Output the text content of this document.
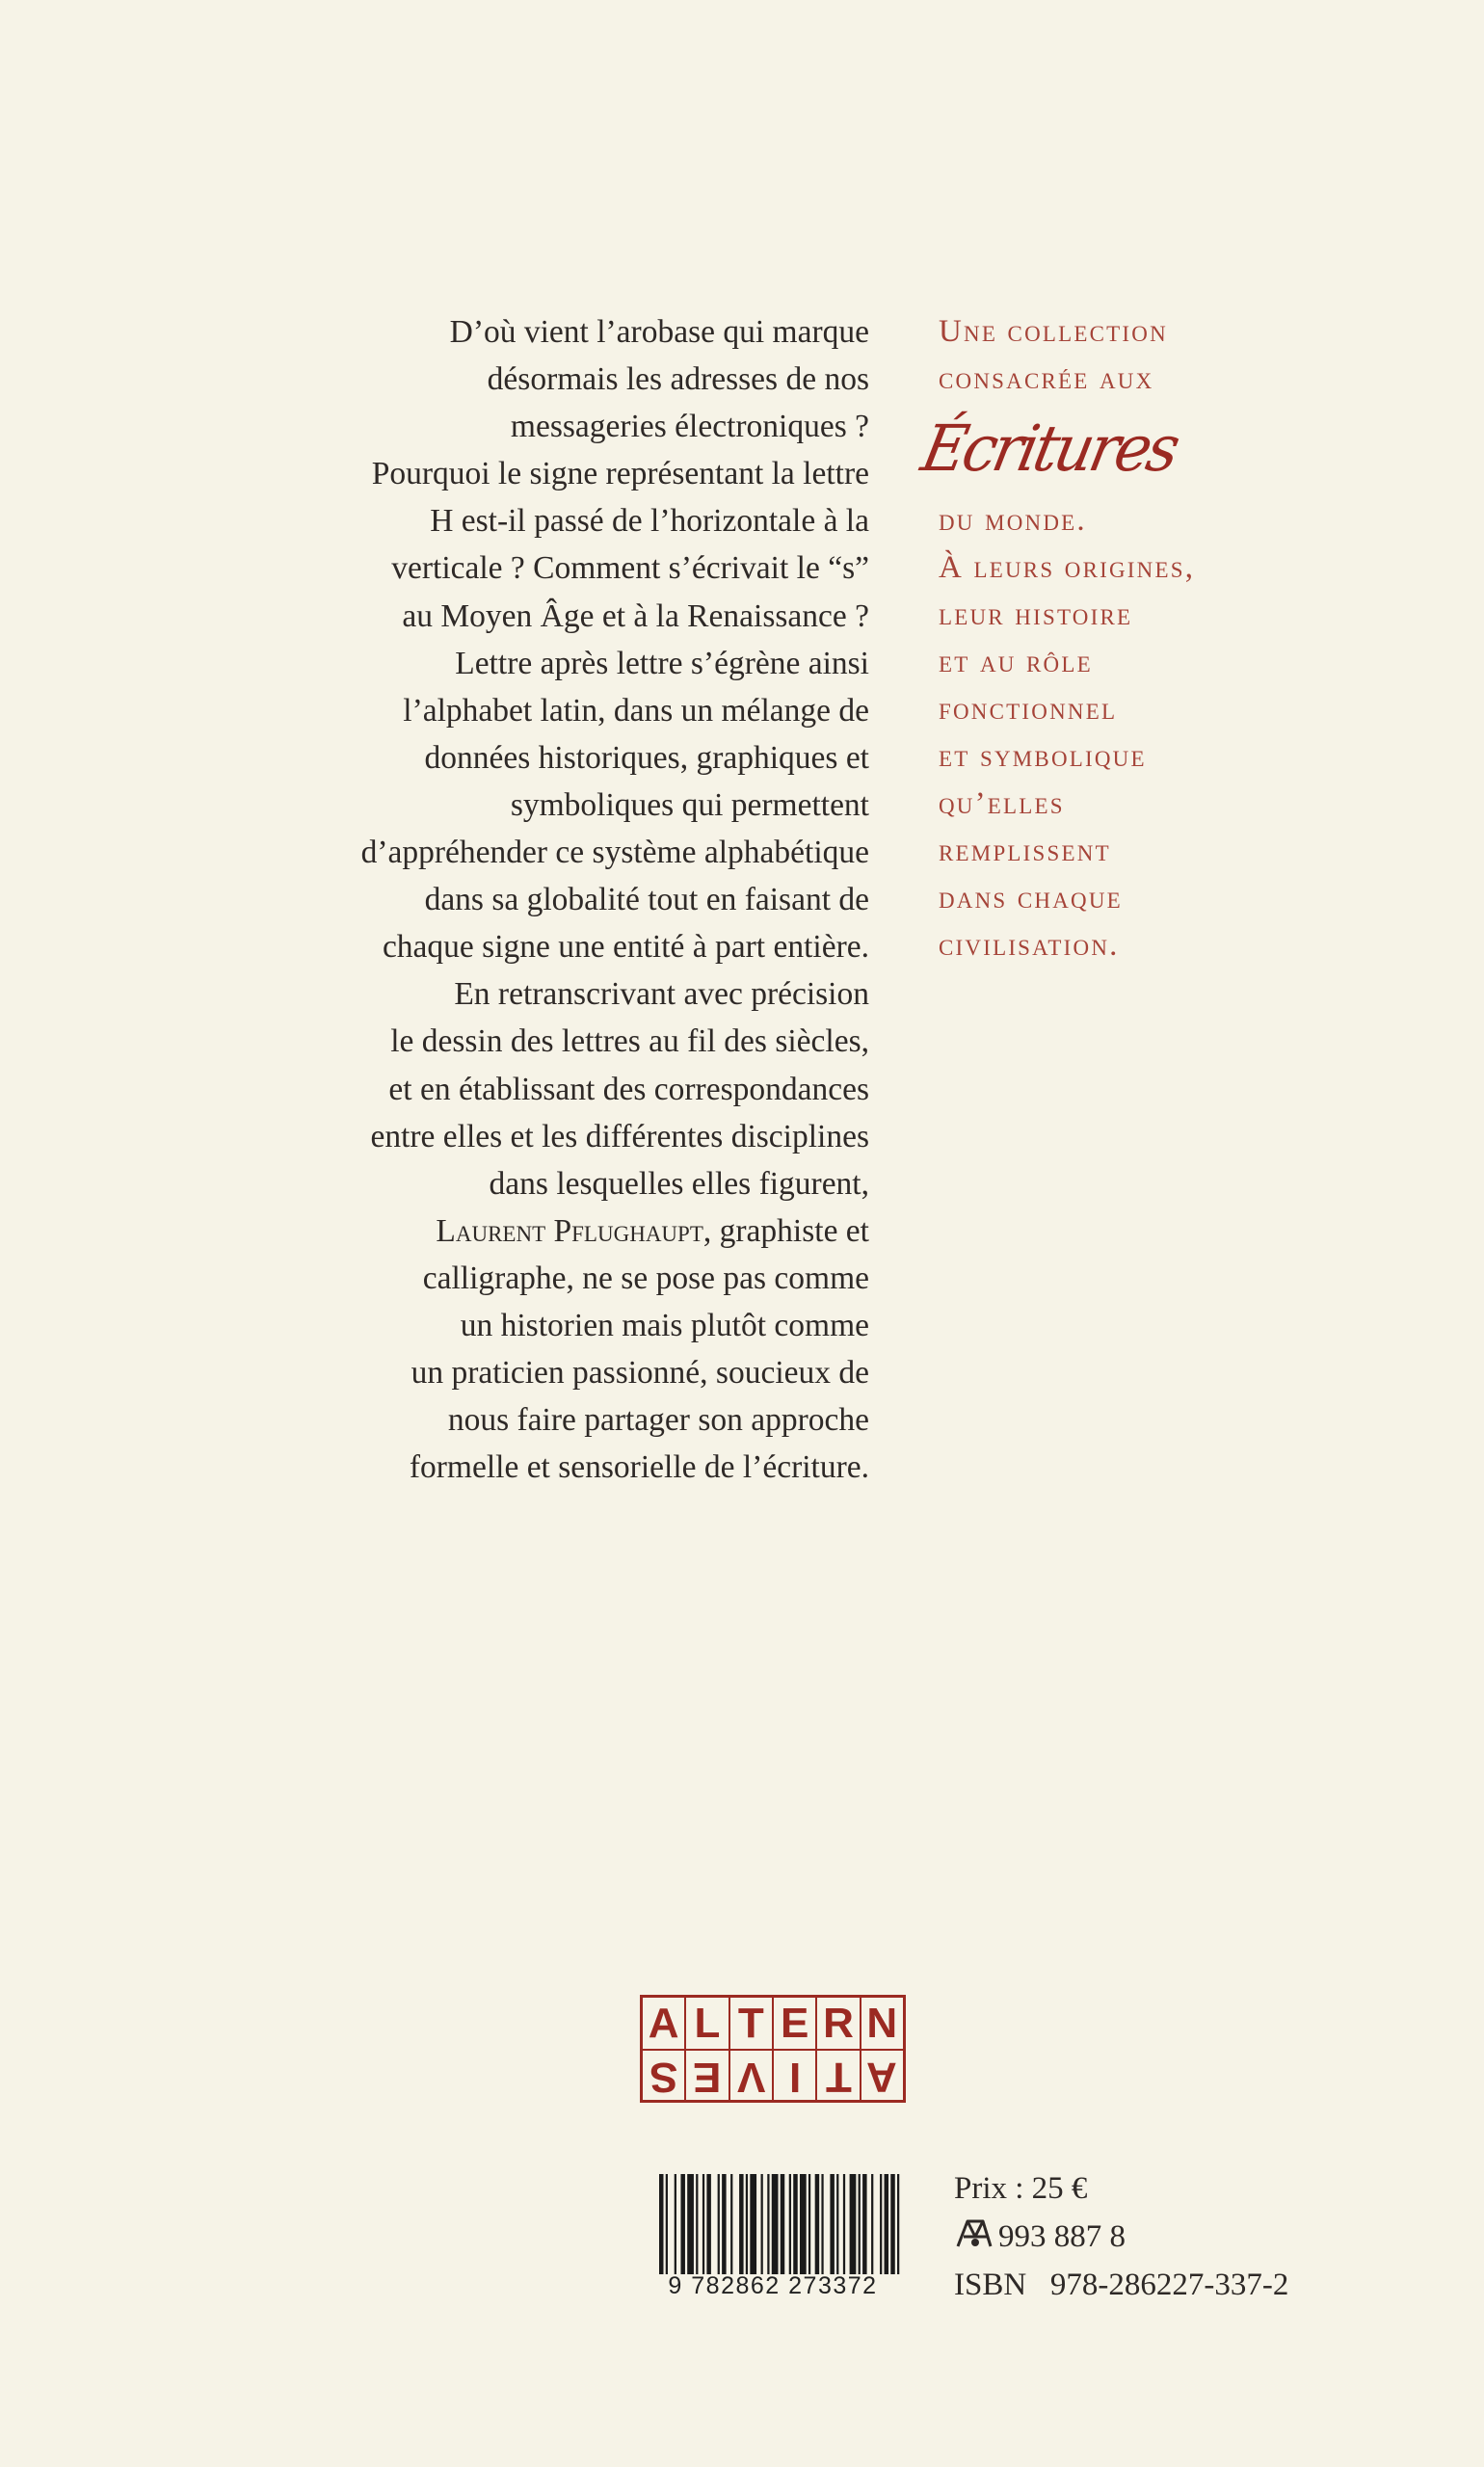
D’où vient l’arobase qui marque
désormais les adresses de nos
messageries électroniques ?
Pourquoi le signe représentant la lettre
H est-il passé de l’horizontale à la
verticale ? Comment s’écrivait le “s”
au Moyen Âge et à la Renaissance ?
Lettre après lettre s’égrène ainsi
l’alphabet latin, dans un mélange de
données historiques, graphiques et
symboliques qui permettent
d’appréhender ce système alphabétique
dans sa globalité tout en faisant de
chaque signe une entité à part entière.
En retranscrivant avec précision
le dessin des lettres au fil des siècles,
et en établissant des correspondances
entre elles et les différentes disciplines
dans lesquelles elles figurent,
Laurent Pflughaupt, graphiste et
calligraphe, ne se pose pas comme
un historien mais plutôt comme
un praticien passionné, soucieux de
nous faire partager son approche
formelle et sensorielle de l’écriture.
Une collection
consacrée aux
Écritures
du monde.
À leurs origines,
leur histoire
et au rôle
fonctionnel
et symbolique
qu’elles
remplissent
dans chaque
civilisation.
A L T E R N
S E V I T A
9 782862 273372
Prix : 25 €
993 887 8
ISBN   978-286227-337-2
